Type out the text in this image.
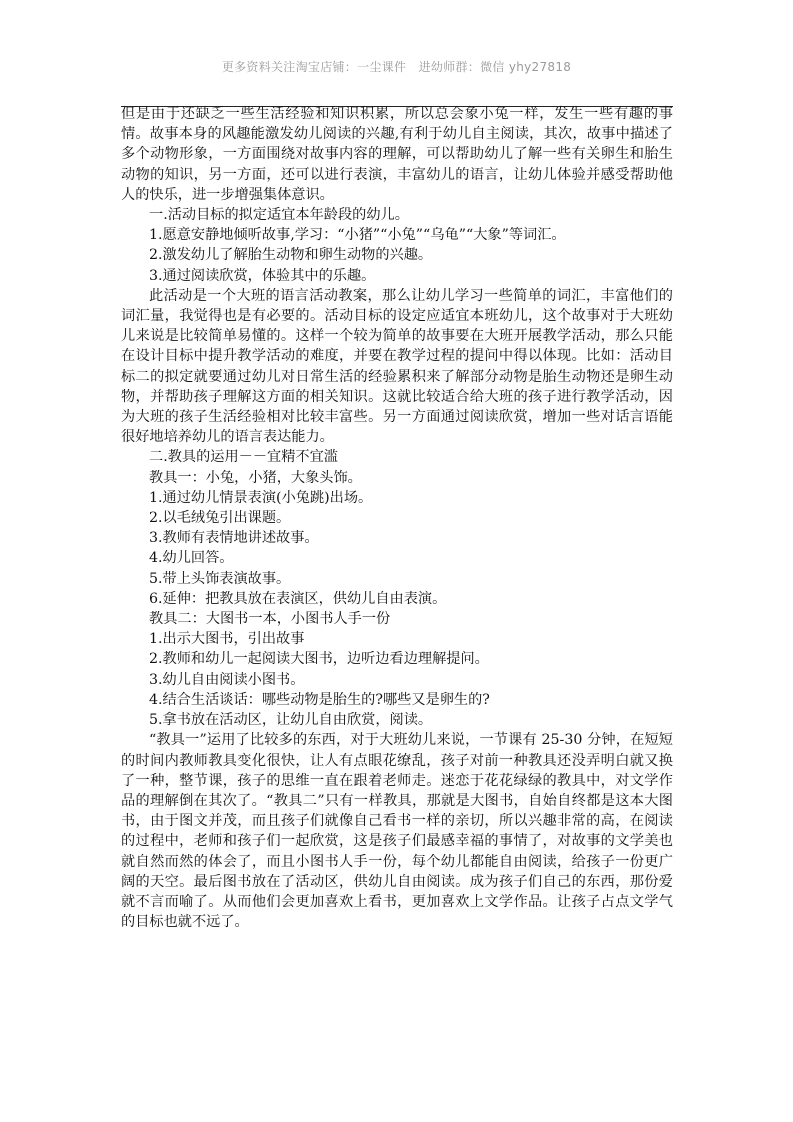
更多资料关注淘宝店铺：一尘课件　进幼师群：微信 yhy27818

但是由于还缺乏一些生活经验和知识积累，所以总会象小兔一样，发生一些有趣的事情。故事本身的风趣能激发幼儿阅读的兴趣,有利于幼儿自主阅读，其次，故事中描述了多个动物形象，一方面围绕对故事内容的理解，可以帮助幼儿了解一些有关卵生和胎生动物的知识，另一方面，还可以进行表演，丰富幼儿的语言，让幼儿体验并感受帮助他人的快乐，进一步增强集体意识。

一.活动目标的拟定适宜本年龄段的幼儿。

1.愿意安静地倾听故事,学习：“小猪”“小兔”“乌龟”“大象”等词汇。

2.激发幼儿了解胎生动物和卵生动物的兴趣。

3.通过阅读欣赏，体验其中的乐趣。

此活动是一个大班的语言活动教案，那么让幼儿学习一些简单的词汇，丰富他们的词汇量，我觉得也是有必要的。活动目标的设定应适宜本班幼儿，这个故事对于大班幼儿来说是比较简单易懂的。这样一个较为简单的故事要在大班开展教学活动，那么只能在设计目标中提升教学活动的难度，并要在教学过程的提问中得以体现。比如：活动目标二的拟定就要通过幼儿对日常生活的经验累积来了解部分动物是胎生动物还是卵生动物，并帮助孩子理解这方面的相关知识。这就比较适合给大班的孩子进行教学活动，因为大班的孩子生活经验相对比较丰富些。另一方面通过阅读欣赏，增加一些对话言语能很好地培养幼儿的语言表达能力。

二.教具的运用－－宜精不宜滥

教具一：小兔，小猪，大象头饰。

1.通过幼儿情景表演(小兔跳)出场。

2.以毛绒兔引出课题。

3.教师有表情地讲述故事。

4.幼儿回答。

5.带上头饰表演故事。

6.延伸：把教具放在表演区，供幼儿自由表演。

教具二：大图书一本，小图书人手一份

1.出示大图书，引出故事

2.教师和幼儿一起阅读大图书，边听边看边理解提问。

3.幼儿自由阅读小图书。

4.结合生活谈话：哪些动物是胎生的?哪些又是卵生的?

5.拿书放在活动区，让幼儿自由欣赏，阅读。

“教具一”运用了比较多的东西，对于大班幼儿来说，一节课有 25-30 分钟，在短短的时间内教师教具变化很快，让人有点眼花缭乱，孩子对前一种教具还没弄明白就又换了一种，整节课，孩子的思维一直在跟着老师走。迷恋于花花绿绿的教具中，对文学作品的理解倒在其次了。“教具二”只有一样教具，那就是大图书，自始自终都是这本大图书，由于图文并茂，而且孩子们就像自己看书一样的亲切，所以兴趣非常的高，在阅读的过程中，老师和孩子们一起欣赏，这是孩子们最感幸福的事情了，对故事的文学美也就自然而然的体会了，而且小图书人手一份，每个幼儿都能自由阅读，给孩子一份更广阔的天空。最后图书放在了活动区，供幼儿自由阅读。成为孩子们自己的东西，那份爱就不言而喻了。从而他们会更加喜欢上看书，更加喜欢上文学作品。让孩子占点文学气的目标也就不远了。
